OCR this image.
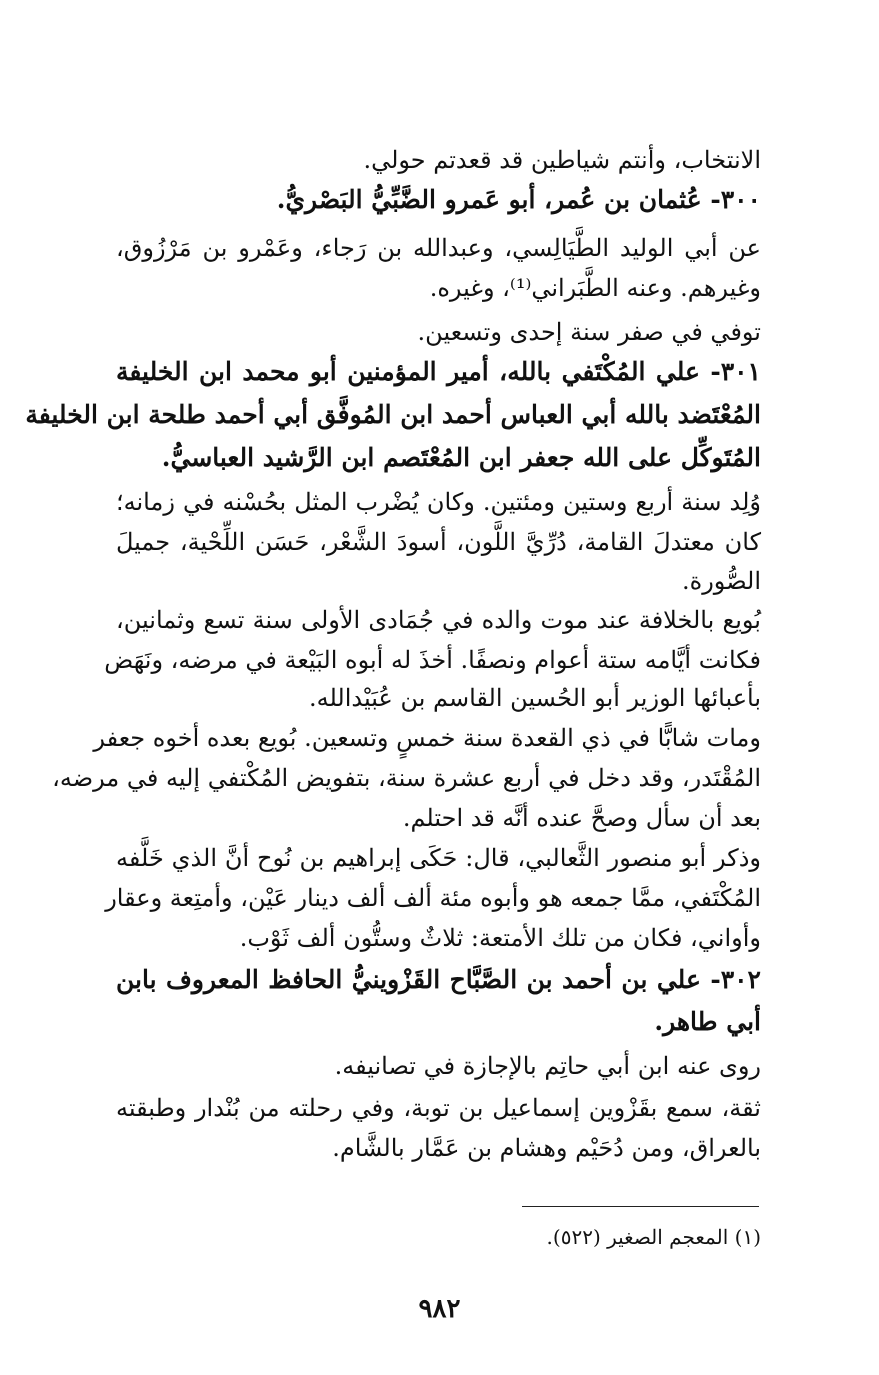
الانتخاب، وأنتم شياطين قد قعدتم حولي.
٣٠٠- عُثمان بن عُمر، أبو عَمرو الضَّبِّيُّ البَصْريُّ.
عن أبي الوليد الطَّيَالِسي، وعبدالله بن رَجاء، وعَمْرو بن مَرْزُوق،
وغيرهم. وعنه الطَّبَراني⁽¹⁾، وغيره.
توفي في صفر سنة إحدى وتسعين.
٣٠١- علي المُكْتَفي بالله، أمير المؤمنين أبو محمد ابن الخليفة
المُعْتَضد بالله أبي العباس أحمد ابن المُوفَّق أبي أحمد طلحة ابن الخليفة
المُتَوكِّل على الله جعفر ابن المُعْتَصم ابن الرَّشيد العباسيُّ.
وُلِد سنة أربع وستين ومئتين. وكان يُضْرب المثل بحُسْنه في زمانه؛
كان معتدلَ القامة، دُرِّيَّ اللَّون، أسودَ الشَّعْر، حَسَن اللِّحْية، جميلَ
الصُّورة.
بُويع بالخلافة عند موت والده في جُمَادى الأولى سنة تسع وثمانين،
فكانت أيَّامه ستة أعوام ونصفًا. أخذَ له أبوه البَيْعة في مرضه، ونَهَض
بأعبائها الوزير أبو الحُسين القاسم بن عُبَيْدالله.
ومات شابًّا في ذي القعدة سنة خمسٍ وتسعين. بُويع بعده أخوه جعفر
المُقْتَدر، وقد دخل في أربع عشرة سنة، بتفويض المُكْتفي إليه في مرضه،
بعد أن سأل وصحَّ عنده أنَّه قد احتلم.
وذكر أبو منصور الثَّعالبي، قال: حَكَى إبراهيم بن نُوح أنَّ الذي خَلَّفه
المُكْتَفي، ممَّا جمعه هو وأبوه مئة ألف ألف دينار عَيْن، وأمتِعة وعقار
وأواني، فكان من تلك الأمتعة: ثلاثٌ وستُّون ألف ثَوْب.
٣٠٢- علي بن أحمد بن الصَّبَّاح القَزْوينيُّ الحافظ المعروف بابن
أبي طاهر.
روى عنه ابن أبي حاتِم بالإجازة في تصانيفه.
ثقة، سمع بقَزْوين إسماعيل بن توبة، وفي رحلته من بُنْدار وطبقته
بالعراق، ومن دُحَيْم وهشام بن عَمَّار بالشَّام.
(١) المعجم الصغير (٥٢٢).
٩٨٢
